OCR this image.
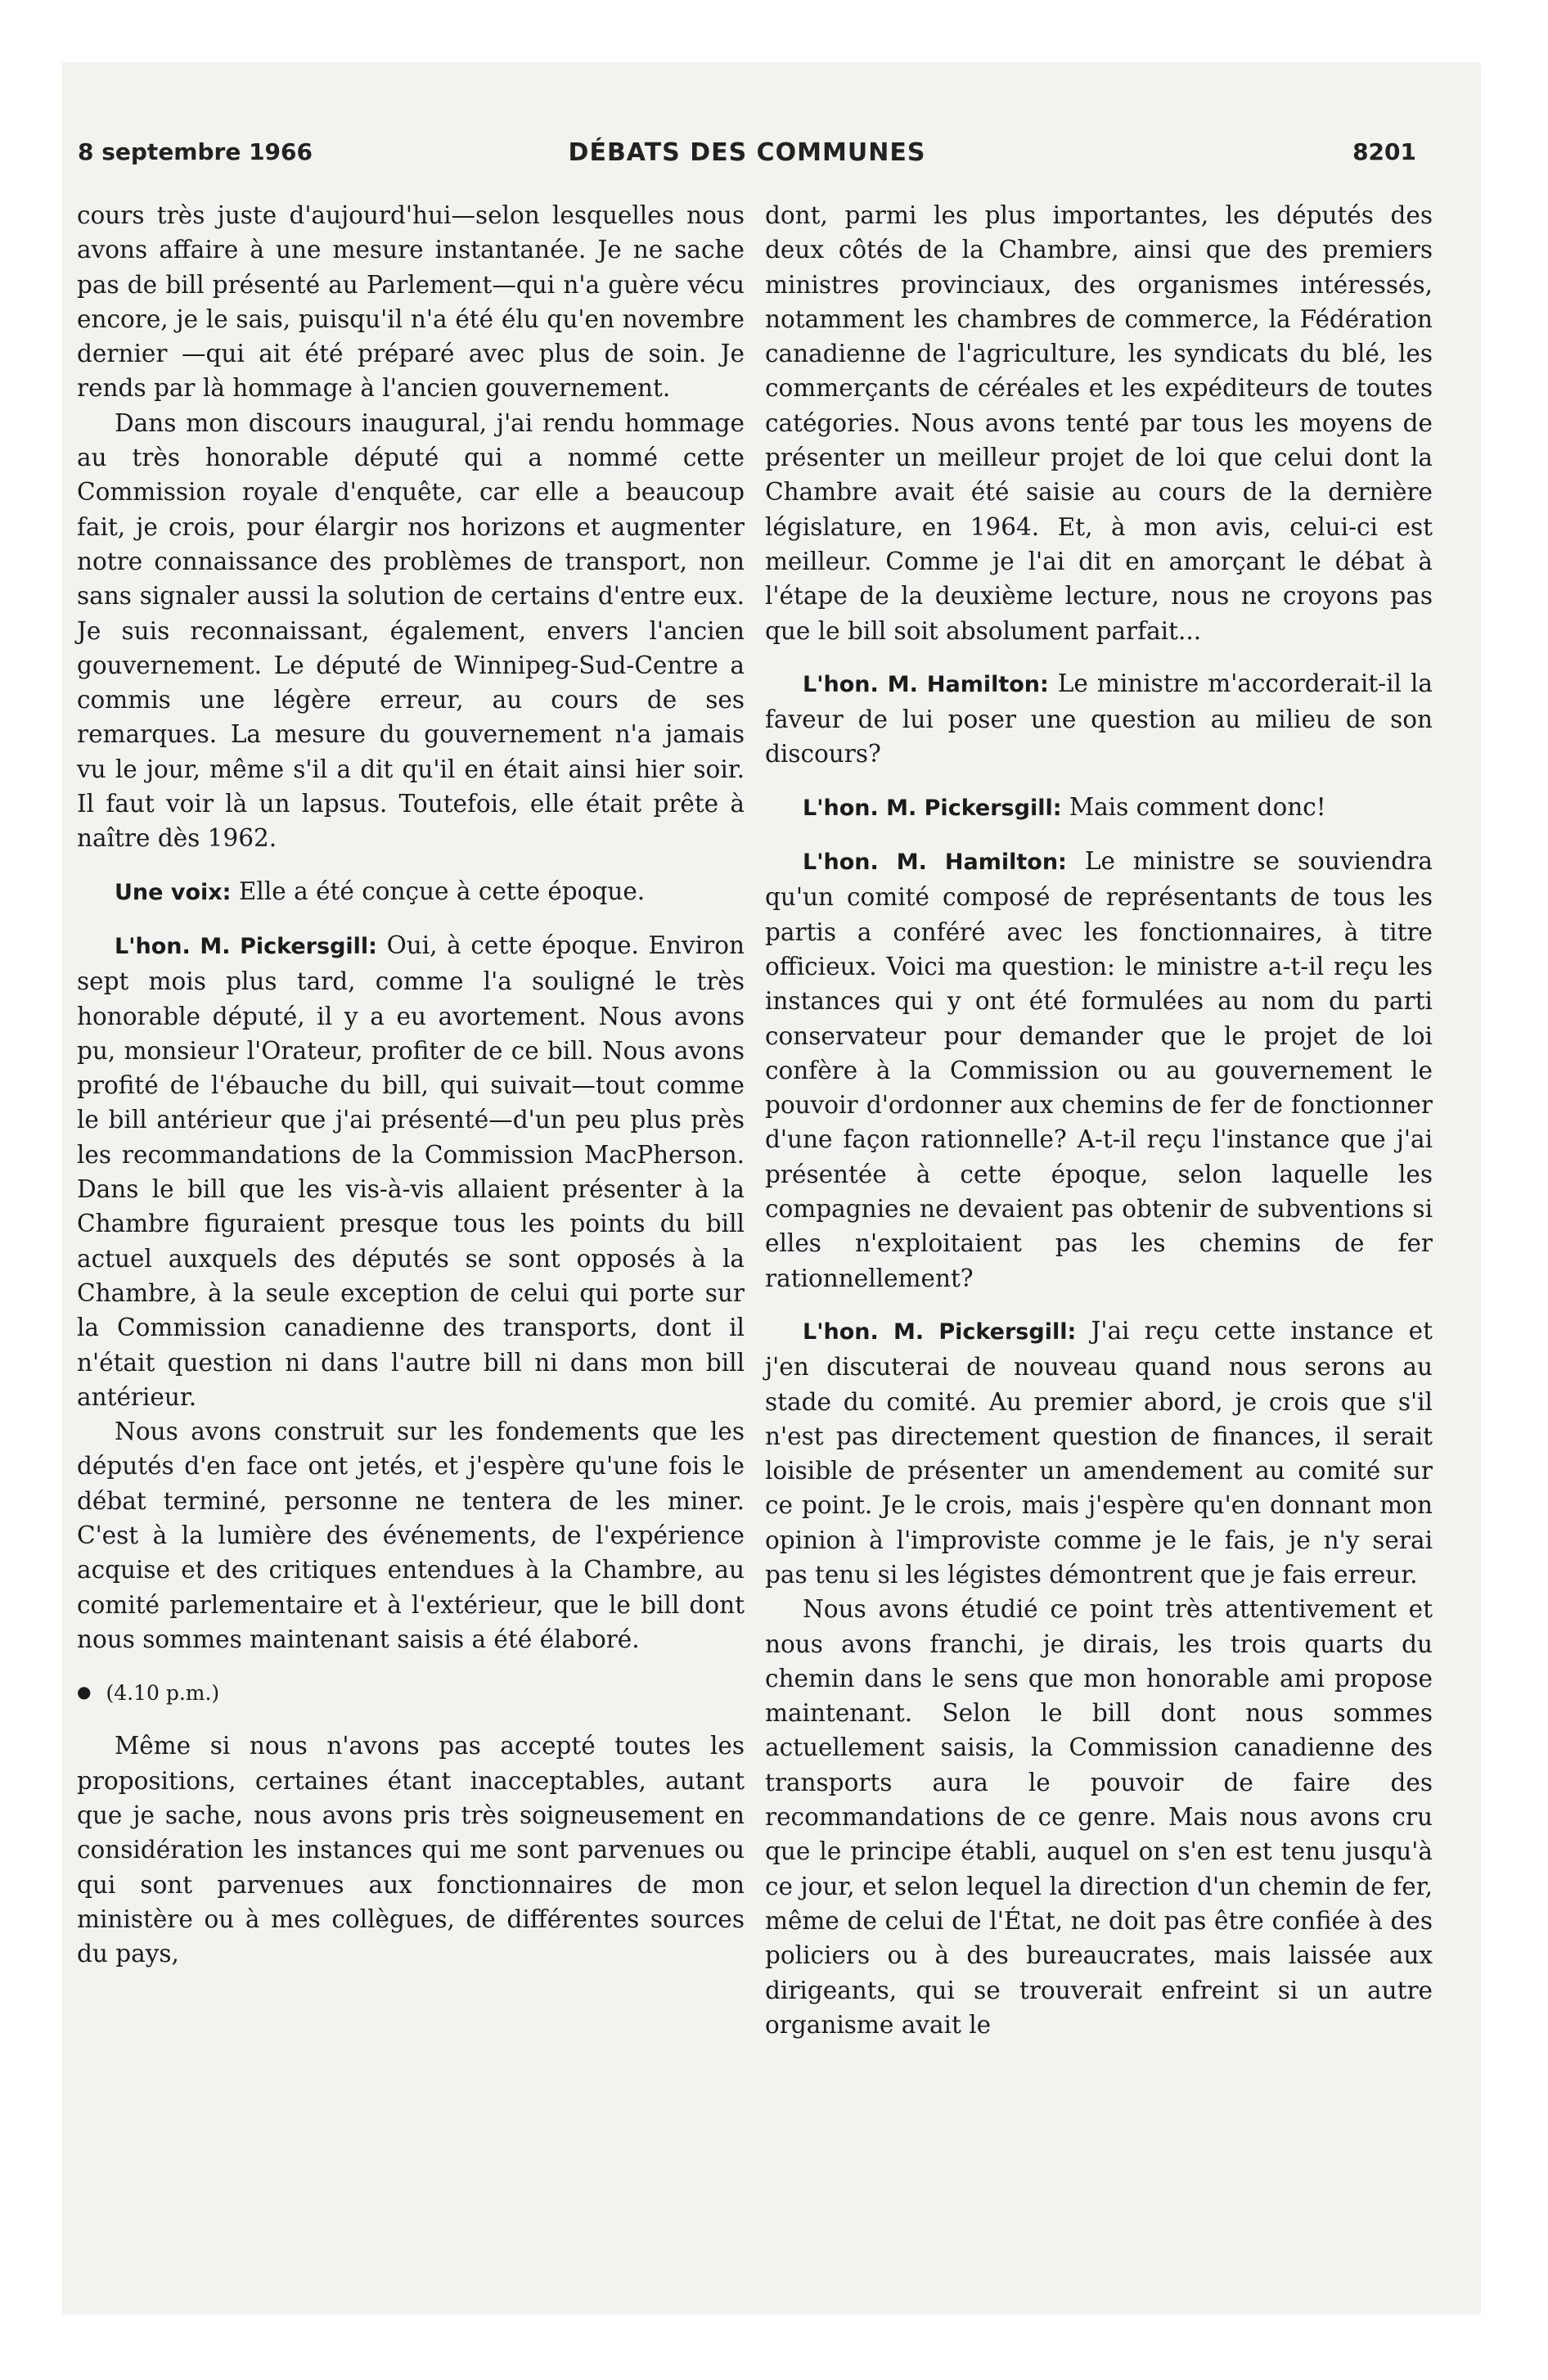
8 septembre 1966	DÉBATS DES COMMUNES	8201

cours très juste d'aujourd'hui—selon lesquelles nous avons affaire à une mesure instantanée. Je ne sache pas de bill présenté au Parlement—qui n'a guère vécu encore, je le sais, puisqu'il n'a été élu qu'en novembre dernier —qui ait été préparé avec plus de soin. Je rends par là hommage à l'ancien gouvernement.

Dans mon discours inaugural, j'ai rendu hommage au très honorable député qui a nommé cette Commission royale d'enquête, car elle a beaucoup fait, je crois, pour élargir nos horizons et augmenter notre connaissance des problèmes de transport, non sans signaler aussi la solution de certains d'entre eux. Je suis reconnaissant, également, envers l'ancien gouvernement. Le député de Winnipeg-Sud-Centre a commis une légère erreur, au cours de ses remarques. La mesure du gouvernement n'a jamais vu le jour, même s'il a dit qu'il en était ainsi hier soir. Il faut voir là un lapsus. Toutefois, elle était prête à naître dès 1962.

Une voix: Elle a été conçue à cette époque.

L'hon. M. Pickersgill: Oui, à cette époque. Environ sept mois plus tard, comme l'a souligné le très honorable député, il y a eu avortement. Nous avons pu, monsieur l'Orateur, profiter de ce bill. Nous avons profité de l'ébauche du bill, qui suivait—tout comme le bill antérieur que j'ai présenté—d'un peu plus près les recommandations de la Commission MacPherson. Dans le bill que les vis-à-vis allaient présenter à la Chambre figuraient presque tous les points du bill actuel auxquels des députés se sont opposés à la Chambre, à la seule exception de celui qui porte sur la Commission canadienne des transports, dont il n'était question ni dans l'autre bill ni dans mon bill antérieur.

Nous avons construit sur les fondements que les députés d'en face ont jetés, et j'espère qu'une fois le débat terminé, personne ne tentera de les miner. C'est à la lumière des événements, de l'expérience acquise et des critiques entendues à la Chambre, au comité parlementaire et à l'extérieur, que le bill dont nous sommes maintenant saisis a été élaboré.

● (4.10 p.m.)

Même si nous n'avons pas accepté toutes les propositions, certaines étant inacceptables, autant que je sache, nous avons pris très soigneusement en considération les instances qui me sont parvenues ou qui sont parvenues aux fonctionnaires de mon ministère ou à mes collègues, de différentes sources du pays,

dont, parmi les plus importantes, les députés des deux côtés de la Chambre, ainsi que des premiers ministres provinciaux, des organismes intéressés, notamment les chambres de commerce, la Fédération canadienne de l'agriculture, les syndicats du blé, les commerçants de céréales et les expéditeurs de toutes catégories. Nous avons tenté par tous les moyens de présenter un meilleur projet de loi que celui dont la Chambre avait été saisie au cours de la dernière législature, en 1964. Et, à mon avis, celui-ci est meilleur. Comme je l'ai dit en amorçant le débat à l'étape de la deuxième lecture, nous ne croyons pas que le bill soit absolument parfait...

L'hon. M. Hamilton: Le ministre m'accorderait-il la faveur de lui poser une question au milieu de son discours?

L'hon. M. Pickersgill: Mais comment donc!

L'hon. M. Hamilton: Le ministre se souviendra qu'un comité composé de représentants de tous les partis a conféré avec les fonctionnaires, à titre officieux. Voici ma question: le ministre a-t-il reçu les instances qui y ont été formulées au nom du parti conservateur pour demander que le projet de loi confère à la Commission ou au gouvernement le pouvoir d'ordonner aux chemins de fer de fonctionner d'une façon rationnelle? A-t-il reçu l'instance que j'ai présentée à cette époque, selon laquelle les compagnies ne devaient pas obtenir de subventions si elles n'exploitaient pas les chemins de fer rationnellement?

L'hon. M. Pickersgill: J'ai reçu cette instance et j'en discuterai de nouveau quand nous serons au stade du comité. Au premier abord, je crois que s'il n'est pas directement question de finances, il serait loisible de présenter un amendement au comité sur ce point. Je le crois, mais j'espère qu'en donnant mon opinion à l'improviste comme je le fais, je n'y serai pas tenu si les légistes démontrent que je fais erreur.

Nous avons étudié ce point très attentivement et nous avons franchi, je dirais, les trois quarts du chemin dans le sens que mon honorable ami propose maintenant. Selon le bill dont nous sommes actuellement saisis, la Commission canadienne des transports aura le pouvoir de faire des recommandations de ce genre. Mais nous avons cru que le principe établi, auquel on s'en est tenu jusqu'à ce jour, et selon lequel la direction d'un chemin de fer, même de celui de l'État, ne doit pas être confiée à des policiers ou à des bureaucrates, mais laissée aux dirigeants, qui se trouverait enfreint si un autre organisme avait le
